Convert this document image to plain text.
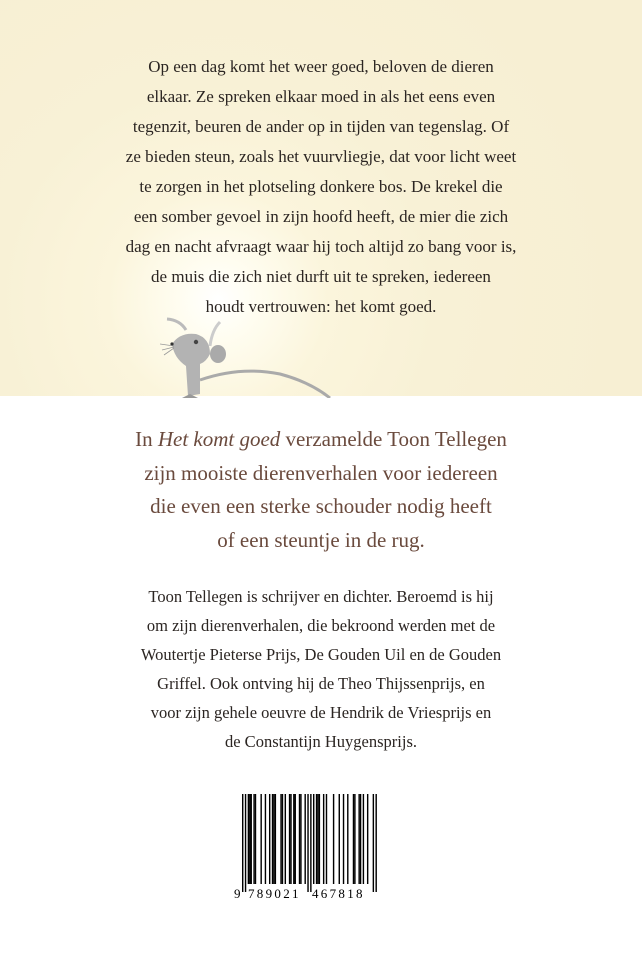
Op een dag komt het weer goed, beloven de dieren
elkaar. Ze spreken elkaar moed in als het eens even
tegenzit, beuren de ander op in tijden van tegenslag. Of
ze bieden steun, zoals het vuurvliegje, dat voor licht weet
te zorgen in het plotseling donkere bos. De krekel die
een somber gevoel in zijn hoofd heeft, de mier die zich
dag en nacht afvraagt waar hij toch altijd zo bang voor is,
de muis die zich niet durft uit te spreken, iedereen
houdt vertrouwen: het komt goed.
In Het komt goed verzamelde Toon Tellegen
zijn mooiste dierenverhalen voor iedereen
die even een sterke schouder nodig heeft
of een steuntje in de rug.
Toon Tellegen is schrijver en dichter. Beroemd is hij
om zijn dierenverhalen, die bekroond werden met de
Woutertje Pieterse Prijs, De Gouden Uil en de Gouden
Griffel. Ook ontving hij de Theo Thijssenprijs, en
voor zijn gehele oeuvre de Hendrik de Vriesprijs en
de Constantijn Huygensprijs.
9 789021 467818
